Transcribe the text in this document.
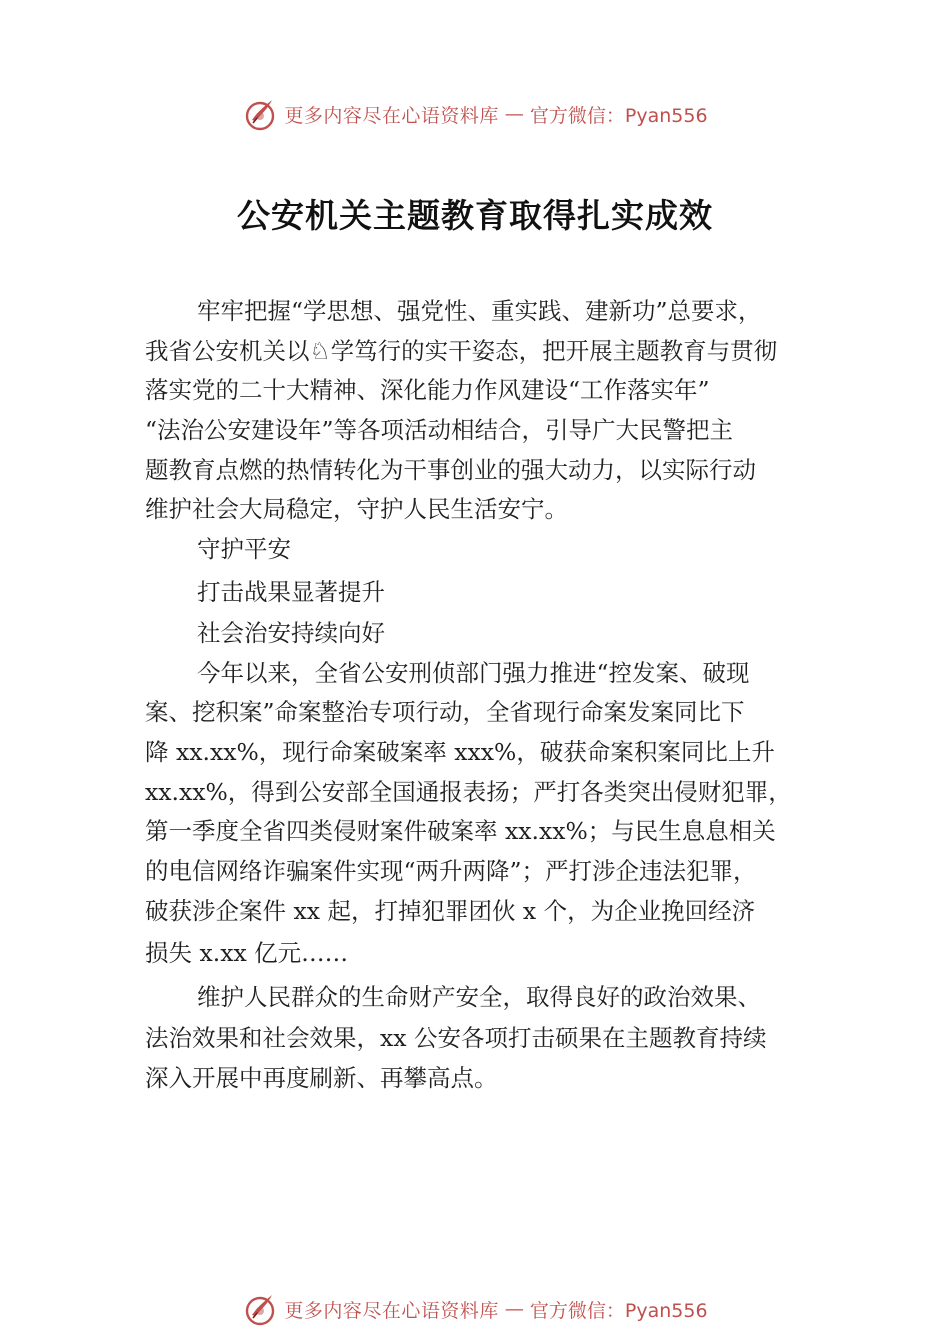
更多内容尽在心语资料库 — 官方微信：Pyan556
公安机关主题教育取得扎实成效
牢牢把握“学思想、强党性、重实践、建新功”总要求，
我省公安机关以♘学笃行的实干姿态，把开展主题教育与贯彻
落实党的二十大精神、深化能力作风建设“工作落实年”
“法治公安建设年”等各项活动相结合，引导广大民警把主
题教育点燃的热情转化为干事创业的强大动力，以实际行动
维护社会大局稳定，守护人民生活安宁。
守护平安
打击战果显著提升
社会治安持续向好
今年以来，全省公安刑侦部门强力推进“控发案、破现
案、挖积案”命案整治专项行动，全省现行命案发案同比下
降 xx.xx%，现行命案破案率 xxx%，破获命案积案同比上升
xx.xx%，得到公安部全国通报表扬；严打各类突出侵财犯罪，
第一季度全省四类侵财案件破案率 xx.xx%；与民生息息相关
的电信网络诈骗案件实现“两升两降”；严打涉企违法犯罪，
破获涉企案件 xx 起，打掉犯罪团伙 x 个，为企业挽回经济
损失 x.xx 亿元……
维护人民群众的生命财产安全，取得良好的政治效果、
法治效果和社会效果，xx 公安各项打击硕果在主题教育持续
深入开展中再度刷新、再攀高点。
更多内容尽在心语资料库 — 官方微信：Pyan556
